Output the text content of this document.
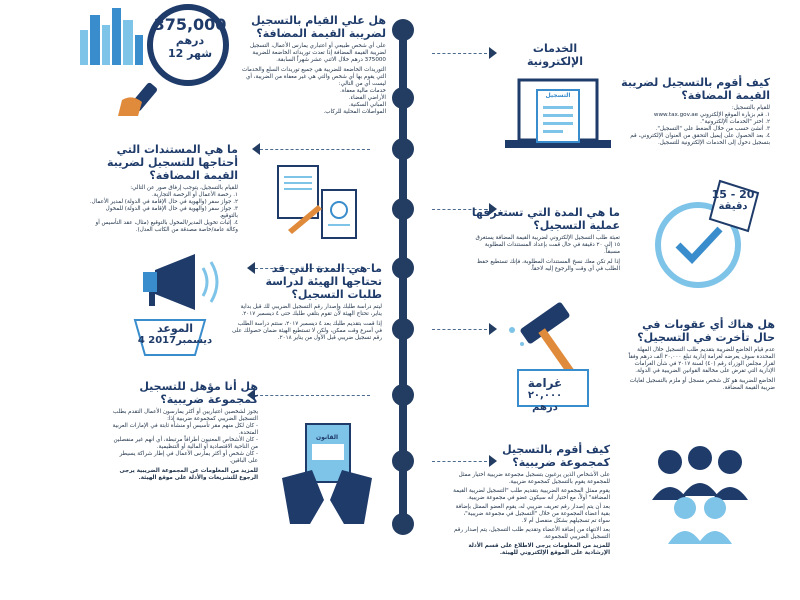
375,000
درهم
12 شهر
هل علي القيام بالتسجيل لضريبة القيمة المضافة؟
على أي شخص طبيعي أو اعتباري يمارس الأعمال، التسجيل لضريبة القيمة المضافة إذا تعدت توريداته الخاضعة للضريبة 375000 درهم خلال الاثني عشر شهراً السابقة.
التوريدات الخاضعة للضريبة هي جميع توريدات السلع والخدمات التي يقوم بها أي شخص والتي هي غير معفاة من الضريبة، أي ليست أي من التالي:
خدمات مالية معفاة.
الأراضي الفضاء.
المباني السكنية.
المواصلات المحلية للركاب.
الخدمات الإلكترونية
التسجيل
كيف أقوم بالتسجيل لضريبة القيمة المضافة؟
للقيام بالتسجيل:
١. قم بزيارة الموقع الإلكتروني www.tax.gov.ae
٢. اختر "الخدمات الإلكترونية".
٣. أنشئ حسب من خلال الضغط على "التسجيل".
٤. بعد الحصول على إيميل التحقق من العنوان الإلكتروني، قم بتسجيل دخول إلى الخدمات الإلكترونية للتسجيل.
ما هي المستندات التي أحتاجها للتسجيل لضريبة القيمة المضافة؟
للقيام بالتسجيل، يتوجب إرفاق صور عن التالي:
١. رخصة الأعمال أو الرخصة التجارية.
٢. جواز سفر (والهوية في حال الإقامة في الدولة) لمدير الأعمال.
٣. جواز سفر (والهوية في حال الإقامة في الدولة) للمخول بالتوقيع.
٤. إثبات تخويل المدير/المخول بالتوقيع (مثال، عقد التأسيس أو وكالة عامة/خاصة مصدقة من الكاتب العدل).
ما هي المدة التي تستغرقها عملية التسجيل؟
تعبئة طلب التسجيل الإلكتروني لضريبة القيمة المضافة يستغرق ١٥ إلى ٢٠ دقيقة في حال قمت بإعداد المستندات المطلوبة مسبقاً.
إذا لم تكن معك نسخ المستندات المطلوبة، فإنك تستطيع حفظ الطلب في أي وقت والرجوع إليه لاحقاً.
15 - 20
دقيقة
ما هي المدة التي قد تحتاجها الهيئة لدراسة طلبات التسجيل؟
ليتم دراسة طلبك وإصدار رقم التسجيل الضريبي لك قبل بداية يناير، تحتاج الهيئة لأن تقوم بتلقي طلبك حتى ٤ ديسمبر ٢٠١٧.
إذا قمت بتقديم طلبك بعد ٤ ديسمبر ٢٠١٧، ستتم دراسة الطلب في أسرع وقت ممكن، ولكن لا تستطيع الهيئة ضمان حصولك على رقم تسجيل ضريبي قبل الأول من يناير ٢٠١٨.
الموعد
4 ديسمبر2017
هل هناك أي عقوبات في حال تأخرت في التسجيل؟
عدم قيام الخاضع للضريبة بتقديم طلب التسجيل خلال المهلة المحددة سوف يعرضه لغرامة إدارية تبلغ ٢٠,٠٠٠ ألف درهم وفقاً لقرار مجلس الوزراء رقم (٤٠) لسنة ٢٠١٧ في شأن الغرامات الإدارية التي تفرض على مخالفة القوانين الضريبية في الدولة.
الخاضع للضريبة هو كل شخص مسجل أو ملزم بالتسجيل لغايات ضريبة القيمة المضافة.
غرامة
٢٠,٠٠٠
درهم
هل أنا مؤهل للتسجيل كمجموعة ضريبية؟
يجوز لشخصين اعتباريين أو أكثر يمارسون الأعمال التقدم بطلب التسجيل الضريبي كمجموعة ضريبية إذا:
- كان لكل منهم مقر تأسيس أو منشأة ثابتة في الإمارات العربية المتحدة.
- كان الأشخاص المعنيون أطرافاً مرتبطة، أي أنهم غير منفصلين من الناحية الاقتصادية أو المالية أو التنظيمية.
- كان شخص أو أكثر يمارس الأعمال في إطار شراكة يسيطر على الباقين.
للمزيد من المعلومات عن المجموعة الضريبية يرجى الرجوع للتشريعات والأدلة على موقع الهيئة.
القانون
كيف أقوم بالتسجيل كمجموعة ضريبية؟
على الأشخاص الذين يرغبون بتسجيل مجموعة ضريبية اختيار ممثل للمجموعة يقوم بالتسجيل كمجموعة ضريبية.
يقوم ممثل المجموعة الضريبية بتقديم طلب "التسجيل لضريبة القيمة المضافة" أولاً، مع اختيار أنه سيكون عضو في مجموعة ضريبية.
بعد أن يتم إصدار رقم تعريف ضريبي له، يقوم العضو الممثل بإضافة بقية أعضاء المجموعة من خلال "التسجيل في مجموعة ضريبية"، سواء تم تسجيلهم بشكل منفصل أم لا.
بعد الانتهاء من إضافة الأعضاء وتقديم طلب التسجيل، يتم إصدار رقم التسجيل الضريبي للمجموعة.
للمزيد من المعلومات يرجى الاطلاع على قسم الأدلة الإرشادية على الموقع الإلكتروني للهيئة.
